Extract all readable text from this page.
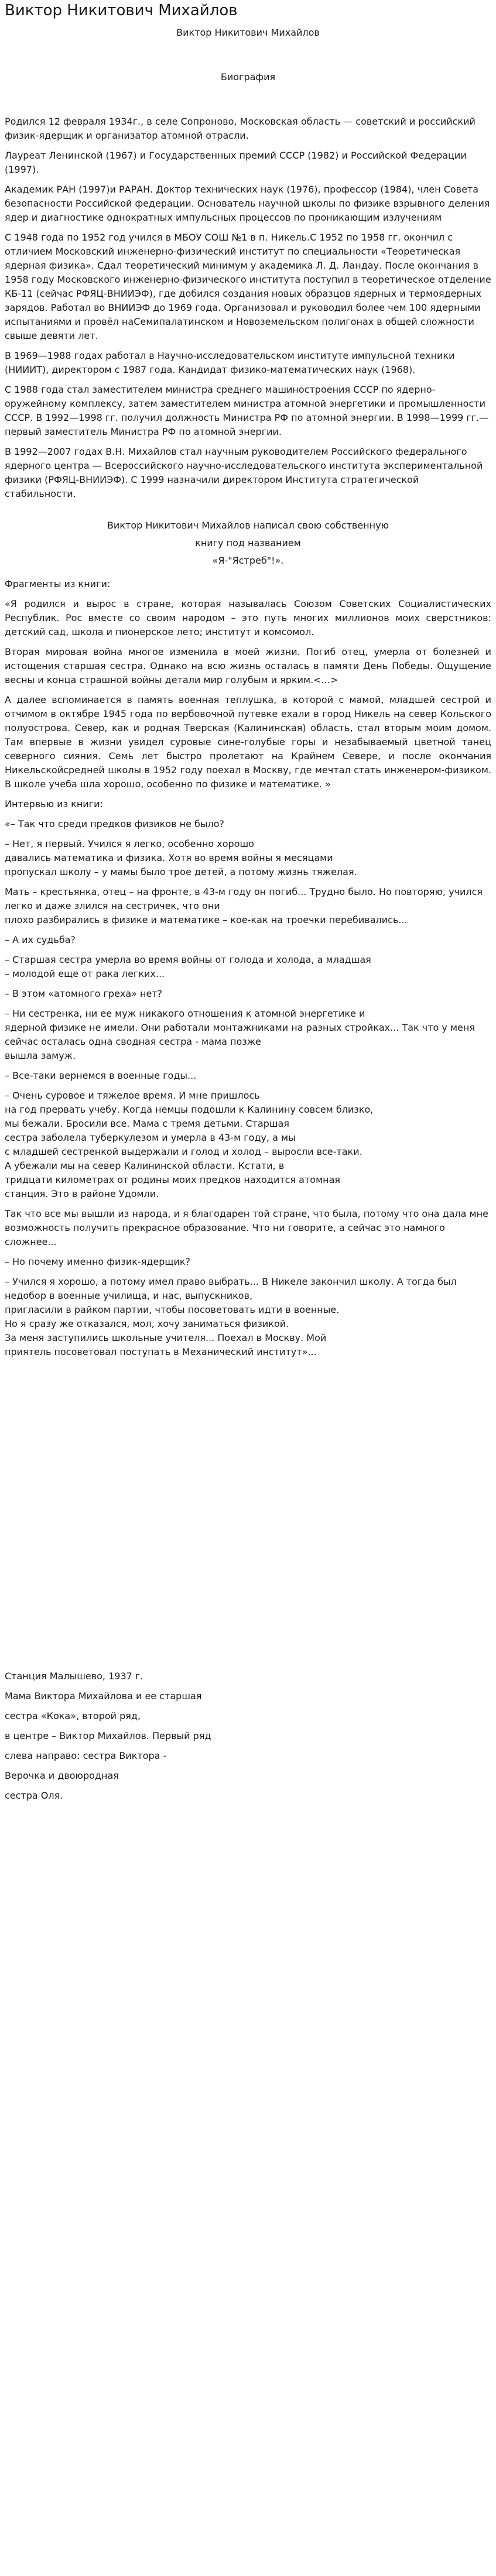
Виктор Никитович Михайлов
Виктор Никитович Михайлов
Биография

Родился 12 февраля 1934г., в селе Сопроново, Московская область — советский и российский физик-ядерщик и организатор атомной отрасли.

Лауреат Ленинской (1967) и Государственных премий СССР (1982) и Российской Федерации (1997).

Академик РАН (1997)и РАРАН. Доктор технических наук (1976), профессор (1984), член Совета безопасности Российской федерации. Основатель научной школы по физике взрывного деления ядер и диагностике однократных импульсных процессов по проникающим излучениям

С 1948 года по 1952 год учился в МБОУ СОШ №1 в п. Никель.С 1952 по 1958 гг. окончил с отличием Московский инженерно-физический институт по специальности «Теоретическая ядерная физика». Сдал теоретический минимум у академика Л. Д. Ландау. После окончания в 1958 году Московского инженерно-физического института поступил в теоретическое отделение КБ-11 (сейчас РФЯЦ-ВНИИЭФ), где добился создания новых образцов ядерных и термоядерных зарядов. Работал во ВНИИЭФ до 1969 года. Организовал и руководил более чем 100 ядерными испытаниями и провёл наСемипалатинском и Новоземельском полигонах в общей сложности свыше девяти лет.

В 1969—1988 годах работал в Научно-исследовательском институте импульсной техники (НИИИТ), директором с 1987 года. Кандидат физико-математических наук (1968).

С 1988 года стал заместителем министра среднего машиностроения СССР по ядерно-оружейному комплексу, затем заместителем министра атомной энергетики и промышленности СССР. В 1992—1998 гг. получил должность Министра РФ по атомной энергии. В 1998—1999 гг.— первый заместитель Министра РФ по атомной энергии.

В 1992—2007 годах В.Н. Михайлов стал научным руководителем Российского федерального ядерного центра — Всероссийского научно-исследовательского института экспериментальной физики (РФЯЦ-ВНИИЭФ). С 1999 назначили директором Института стратегической стабильности.

Виктор Никитович Михайлов написал свою собственную
книгу под названием
«Я-"Ястреб"!».

Фрагменты из книги:

«Я родился и вырос в стране, которая называлась Союзом Советских Социалистических Республик. Рос вместе со своим народом – это путь многих миллионов моих сверстников: детский сад, школа и пионерское лето; институт и комсомол.

Вторая мировая война многое изменила в моей жизни. Погиб отец, умерла от болезней и истощения старшая сестра. Однако на всю жизнь осталась в памяти День Победы. Ощущение весны и конца страшной войны детали мир голубым и ярким.<...>

А далее вспоминается в память военная теплушка, в которой с мамой, младшей сестрой и отчимом в октябре 1945 года по вербовочной путевке ехали в город Никель на север Кольского полуострова. Север, как и родная Тверская (Калининская) область, стал вторым моим домом. Там впервые в жизни увидел суровые сине-голубые горы и незабываемый цветной танец северного сияния. Семь лет быстро пролетают на Крайнем Севере, и после окончания Никельскойсредней школы в 1952 году поехал в Москву, где мечтал стать инженером-физиком. В школе учеба шла хорошо, особенно по физике и математике. »

Интервью из книги:

«– Так что среди предков физиков не было?
– Нет, я первый. Учился я легко, особенно хорошо
давались математика и физика. Хотя во время войны я месяцами
пропускал школу – у мамы было трое детей, а потому жизнь тяжелая.
Мать – крестьянка, отец – на фронте, в 43-м году он погиб... Трудно было. Но повторяю, учился легко и даже злился на сестричек, что они
плохо разбирались в физике и математике – кое-как на троечки перебивались...
– А их судьба?
– Старшая сестра умерла во время войны от голода и холода, а младшая
– молодой еще от рака легких...
– В этом «атомного греха» нет?
– Ни сестренка, ни ее муж никакого отношения к атомной энергетике и
ядерной физике не имели. Они работали монтажниками на разных стройках... Так что у меня сейчас осталась одна сводная сестра - мама позже
вышла замуж.
– Все-таки вернемся в военные годы...
– Очень суровое и тяжелое время. И мне пришлось
на год прервать учебу. Когда немцы подошли к Калинину совсем близко,
мы бежали. Бросили все. Мама с тремя детьми. Старшая
сестра заболела туберкулезом и умерла в 43-м году, а мы
с младшей сестренкой выдержали и голод и холод – выросли все-таки.
А убежали мы на север Калининской области. Кстати, в
тридцати километрах от родины моих предков находится атомная
станция. Это в районе Удомли.
Так что все мы вышли из народа, и я благодарен той стране, что была, потому что она дала мне возможность получить прекрасное образование. Что ни говорите, а сейчас это намного сложнее...
– Но почему именно физик-ядерщик?
– Учился я хорошо, а потому имел право выбрать... В Никеле закончил школу. А тогда был недобор в военные училища, и нас, выпускников,
пригласили в райком партии, чтобы посоветовать идти в военные.
Но я сразу же отказался, мол, хочу заниматься физикой.
За меня заступились школьные учителя... Поехал в Москву. Мой
приятель посоветовал поступать в Механический институт»...
Станция Малышево, 1937 г.
Мама Виктора Михайлова и ее старшая
сестра «Кока», второй ряд,
в центре – Виктор Михайлов. Первый ряд
слева направо: сестра Виктора -
Верочка и двоюродная
сестра Оля.
